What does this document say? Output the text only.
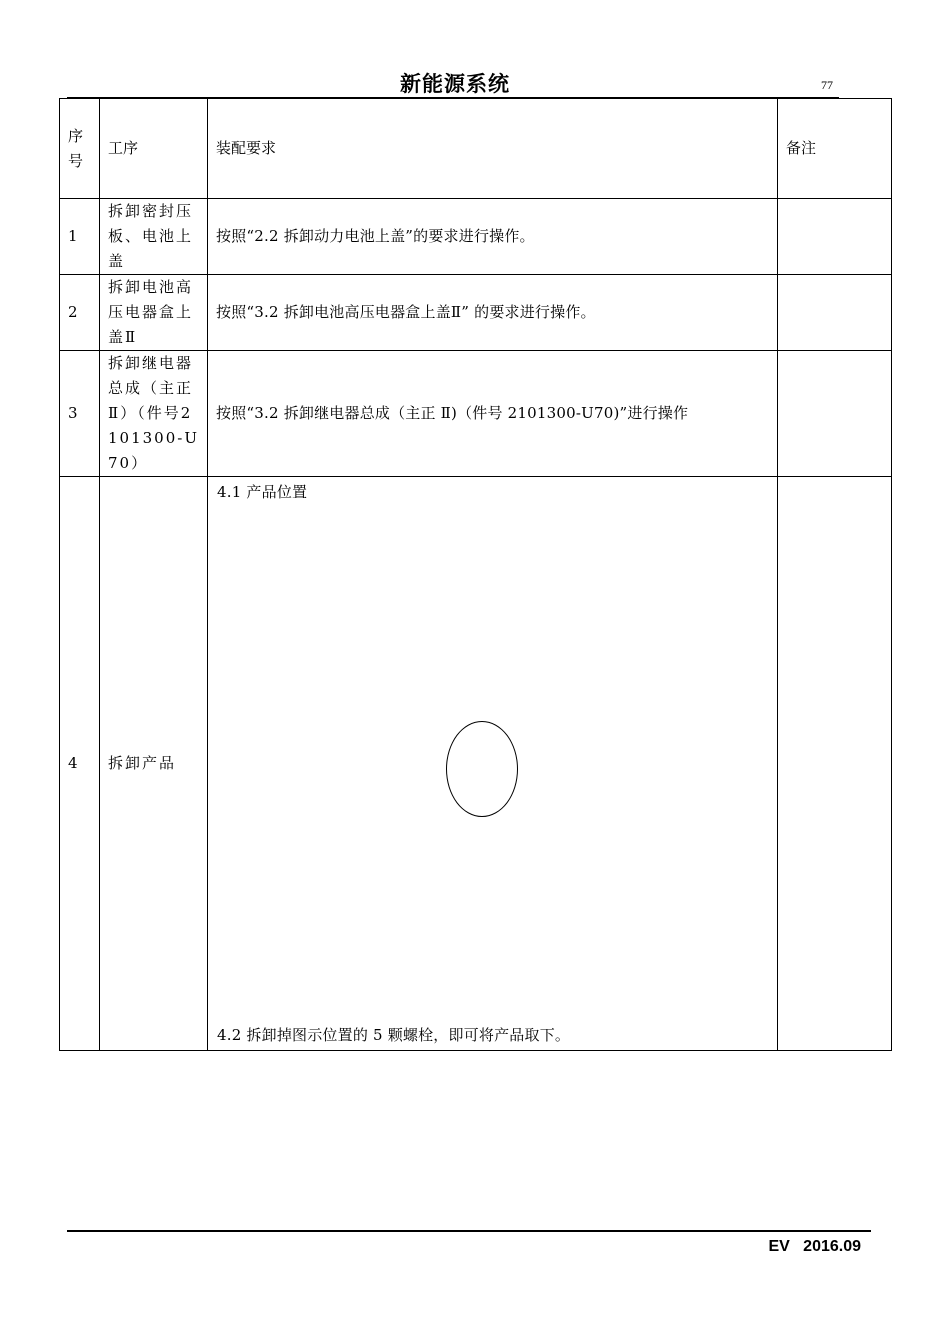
新能源系统	77
序号	工序	装配要求	备注
1	拆卸密封压板、电池上盖	按照“2.2 拆卸动力电池上盖”的要求进行操作。	
2	拆卸电池高压电器盒上盖Ⅱ	按照“3.2 拆卸电池高压电器盒上盖Ⅱ” 的要求进行操作。	
3	拆卸继电器总成（主正Ⅱ）（件号2101300-U70）	按照“3.2 拆卸继电器总成（主正 Ⅱ)（件号 2101300-U70)”进行操作	
4	拆卸产品	4.1 产品位置
4.2 拆卸掉图示位置的 5 颗螺栓，即可将产品取下。	

EV   2016.09
